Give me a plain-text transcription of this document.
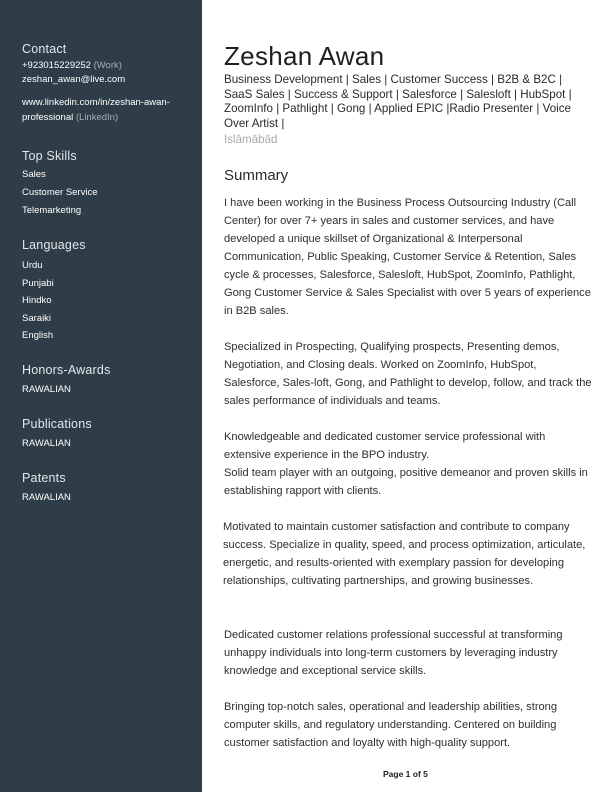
Contact
+923015229252 (Work)
zeshan_awan@live.com
www.linkedin.com/in/zeshan-awan-
professional (LinkedIn)
Top Skills
Sales
Customer Service
Telemarketing
Languages
Urdu
Punjabi
Hindko
Saraiki
English
Honors-Awards
RAWALIAN
Publications
RAWALIAN
Patents
RAWALIAN
Zeshan Awan
Business Development | Sales | Customer Success | B2B & B2C | SaaS Sales | Success & Support | Salesforce | Salesloft | HubSpot | ZoomInfo | Pathlight | Gong | Applied EPIC |Radio Presenter | Voice Over Artist |
Islāmābād
Summary
I have been working in the Business Process Outsourcing Industry (Call Center) for over 7+ years in sales and customer services, and have developed a unique skillset of Organizational & Interpersonal Communication, Public Speaking, Customer Service & Retention, Sales cycle & processes, Salesforce, Salesloft, HubSpot, ZoomInfo, Pathlight, Gong Customer Service & Sales Specialist with over 5 years of experience in B2B sales.
Specialized in Prospecting, Qualifying prospects, Presenting demos, Negotiation, and Closing deals. Worked on ZoomInfo, HubSpot, Salesforce, Sales-loft, Gong, and Pathlight to develop, follow, and track the sales performance of individuals and teams.
Knowledgeable and dedicated customer service professional with extensive experience in the BPO industry.
Solid team player with an outgoing, positive demeanor and proven skills in establishing rapport with clients.
Motivated to maintain customer satisfaction and contribute to company success. Specialize in quality, speed, and process optimization, articulate, energetic, and results-oriented with exemplary passion for developing relationships, cultivating partnerships, and growing businesses.
Dedicated customer relations professional successful at transforming unhappy individuals into long-term customers by leveraging industry knowledge and exceptional service skills.
Bringing top-notch sales, operational and leadership abilities, strong computer skills, and regulatory understanding. Centered on building customer satisfaction and loyalty with high-quality support.
Page 1 of 5
